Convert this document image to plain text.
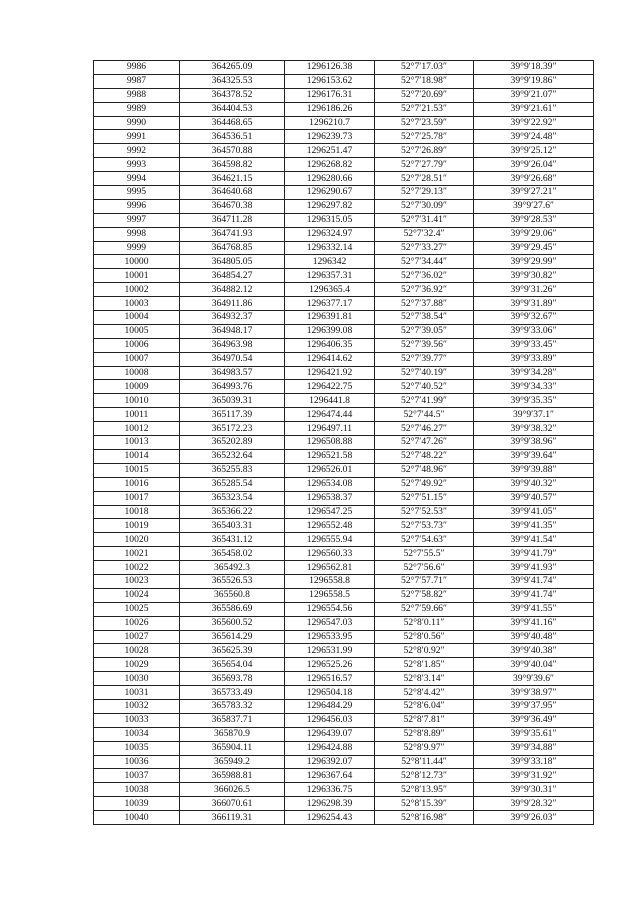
9986	364265.09	1296126.38	52°7′17.03″	39°9′18.39″
9987	364325.53	1296153.62	52°7′18.98″	39°9′19.86″
9988	364378.52	1296176.31	52°7′20.69″	39°9′21.07″
9989	364404.53	1296186.26	52°7′21.53″	39°9′21.61″
9990	364468.65	1296210.7	52°7′23.59″	39°9′22.92″
9991	364536.51	1296239.73	52°7′25.78″	39°9′24.48″
9992	364570.88	1296251.47	52°7′26.89″	39°9′25.12″
9993	364598.82	1296268.82	52°7′27.79″	39°9′26.04″
9994	364621.15	1296280.66	52°7′28.51″	39°9′26.68″
9995	364640.68	1296290.67	52°7′29.13″	39°9′27.21″
9996	364670.38	1296297.82	52°7′30.09″	39°9′27.6″
9997	364711.28	1296315.05	52°7′31.41″	39°9′28.53″
9998	364741.93	1296324.97	52°7′32.4″	39°9′29.06″
9999	364768.85	1296332.14	52°7′33.27″	39°9′29.45″
10000	364805.05	1296342	52°7′34.44″	39°9′29.99″
10001	364854.27	1296357.31	52°7′36.02″	39°9′30.82″
10002	364882.12	1296365.4	52°7′36.92″	39°9′31.26″
10003	364911.86	1296377.17	52°7′37.88″	39°9′31.89″
10004	364932.37	1296391.81	52°7′38.54″	39°9′32.67″
10005	364948.17	1296399.08	52°7′39.05″	39°9′33.06″
10006	364963.98	1296406.35	52°7′39.56″	39°9′33.45″
10007	364970.54	1296414.62	52°7′39.77″	39°9′33.89″
10008	364983.57	1296421.92	52°7′40.19″	39°9′34.28″
10009	364993.76	1296422.75	52°7′40.52″	39°9′34.33″
10010	365039.31	1296441.8	52°7′41.99″	39°9′35.35″
10011	365117.39	1296474.44	52°7′44.5″	39°9′37.1″
10012	365172.23	1296497.11	52°7′46.27″	39°9′38.32″
10013	365202.89	1296508.88	52°7′47.26″	39°9′38.96″
10014	365232.64	1296521.58	52°7′48.22″	39°9′39.64″
10015	365255.83	1296526.01	52°7′48.96″	39°9′39.88″
10016	365285.54	1296534.08	52°7′49.92″	39°9′40.32″
10017	365323.54	1296538.37	52°7′51.15″	39°9′40.57″
10018	365366.22	1296547.25	52°7′52.53″	39°9′41.05″
10019	365403.31	1296552.48	52°7′53.73″	39°9′41.35″
10020	365431.12	1296555.94	52°7′54.63″	39°9′41.54″
10021	365458.02	1296560.33	52°7′55.5″	39°9′41.79″
10022	365492.3	1296562.81	52°7′56.6″	39°9′41.93″
10023	365526.53	1296558.8	52°7′57.71″	39°9′41.74″
10024	365560.8	1296558.5	52°7′58.82″	39°9′41.74″
10025	365586.69	1296554.56	52°7′59.66″	39°9′41.55″
10026	365600.52	1296547.03	52°8′0.11″	39°9′41.16″
10027	365614.29	1296533.95	52°8′0.56″	39°9′40.48″
10028	365625.39	1296531.99	52°8′0.92″	39°9′40.38″
10029	365654.04	1296525.26	52°8′1.85″	39°9′40.04″
10030	365693.78	1296516.57	52°8′3.14″	39°9′39.6″
10031	365733.49	1296504.18	52°8′4.42″	39°9′38.97″
10032	365783.32	1296484.29	52°8′6.04″	39°9′37.95″
10033	365837.71	1296456.03	52°8′7.81″	39°9′36.49″
10034	365870.9	1296439.07	52°8′8.89″	39°9′35.61″
10035	365904.11	1296424.88	52°8′9.97″	39°9′34.88″
10036	365949.2	1296392.07	52°8′11.44″	39°9′33.18″
10037	365988.81	1296367.64	52°8′12.73″	39°9′31.92″
10038	366026.5	1296336.75	52°8′13.95″	39°9′30.31″
10039	366070.61	1296298.39	52°8′15.39″	39°9′28.32″
10040	366119.31	1296254.43	52°8′16.98″	39°9′26.03″
